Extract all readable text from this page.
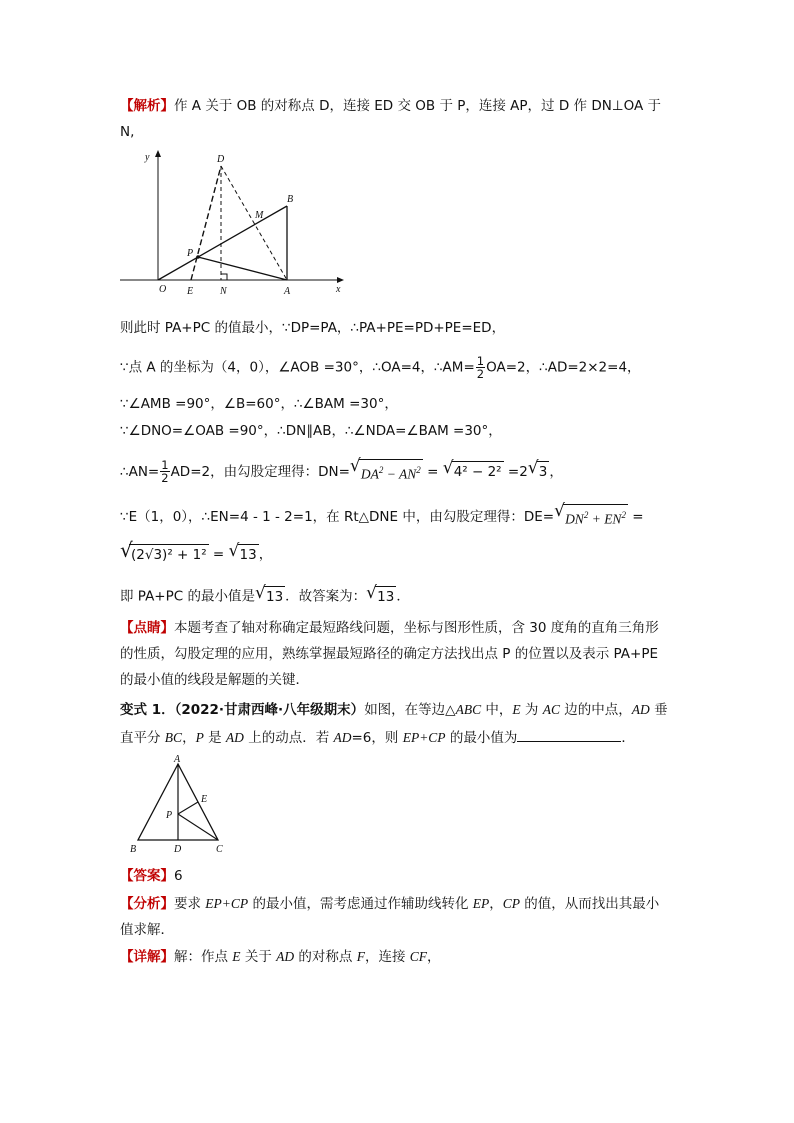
【解析】作 A 关于 OB 的对称点 D，连接 ED 交 OB 于 P，连接 AP，过 D 作 DN⊥OA 于
N,
y
x
O E	N	A
B
D
M
P
则此时 PA+PC 的值最小，∵DP=PA，∴PA+PE=PD+PE=ED，
∵点 A 的坐标为（4，0），∠AOB =30°，∴OA=4，∴AM= $\frac{1}{2} OA=2$，∴AD=2×2=4，
∵∠AMB =90°，∠B=60°，∴∠BAM =30°，
∵∠DNO=∠OAB =90°，∴DN∥AB，∴∠NDA=∠BAM =30°，
∴AN= $\frac{1}{2} AD=2$，由勾股定理得：DN= √ $DA^2 - AN^2$ = √ 4² − 2² =2 √ 3 ，
∵E（1，0），∴EN=4 - 1 - 2=1，在 Rt△DNE 中，由勾股定理得：DE= √ $DN^2 + EN^2$ =
√
(2√3)² + 1² = √ 13 ，
即 PA+PC 的最小值是 √ 13 ．故答案为： √ 13 ．
【点睛】本题考查了轴对称确定最短路线问题，坐标与图形性质，含 30 度角的直角三角形
的性质，勾股定理的应用，熟练掌握最短路径的确定方法找出点 P 的位置以及表示 PA+PE
的最小值的线段是解题的关键．
变式 1．（2022·甘肃西峰·八年级期末）如图，在等边△ABC 中，E 为 AC 边的中点，AD 垂
直平分 BC，P 是 AD 上的动点．若 AD=6，则 EP+CP 的最小值为	．
A
B	C
D
E
P
【答案】6
【分析】要求 EP+CP 的最小值，需考虑通过作辅助线转化 EP，CP 的值，从而找出其最小
值求解．
【详解】解：作点 E 关于 AD 的对称点 F，连接 CF，
